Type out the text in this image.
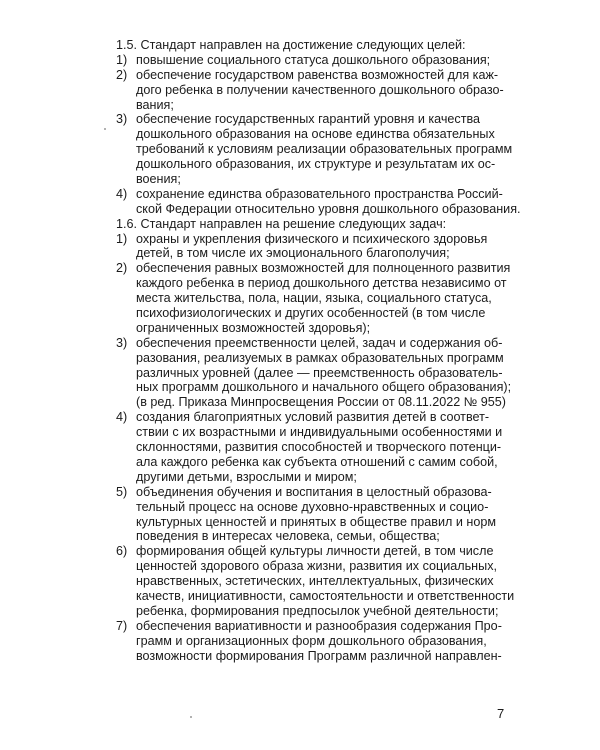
1.5. Стандарт направлен на достижение следующих целей:
1) повышение социального статуса дошкольного образования;
2) обеспечение государством равенства возможностей для каж-
дого ребенка в получении качественного дошкольного образо-
вания;
3) обеспечение государственных гарантий уровня и качества
дошкольного образования на основе единства обязательных
требований к условиям реализации образовательных программ
дошкольного образования, их структуре и результатам их ос-
воения;
4) сохранение единства образовательного пространства Россий-
ской Федерации относительно уровня дошкольного образования.
1.6. Стандарт направлен на решение следующих задач:
1) охраны и укрепления физического и психического здоровья
детей, в том числе их эмоционального благополучия;
2) обеспечения равных возможностей для полноценного развития
каждого ребенка в период дошкольного детства независимо от
места жительства, пола, нации, языка, социального статуса,
психофизиологических и других особенностей (в том числе
ограниченных возможностей здоровья);
3) обеспечения преемственности целей, задач и содержания об-
разования, реализуемых в рамках образовательных программ
различных уровней (далее — преемственность образователь-
ных программ дошкольного и начального общего образования);
(в ред. Приказа Минпросвещения России от 08.11.2022 № 955)
4) создания благоприятных условий развития детей в соответ-
ствии с их возрастными и индивидуальными особенностями и
склонностями, развития способностей и творческого потенци-
ала каждого ребенка как субъекта отношений с самим собой,
другими детьми, взрослыми и миром;
5) объединения обучения и воспитания в целостный образова-
тельный процесс на основе духовно-нравственных и социо-
культурных ценностей и принятых в обществе правил и норм
поведения в интересах человека, семьи, общества;
6) формирования общей культуры личности детей, в том числе
ценностей здорового образа жизни, развития их социальных,
нравственных, эстетических, интеллектуальных, физических
качеств, инициативности, самостоятельности и ответственности
ребенка, формирования предпосылок учебной деятельности;
7) обеспечения вариативности и разнообразия содержания Про-
грамм и организационных форм дошкольного образования,
возможности формирования Программ различной направлен-
7
